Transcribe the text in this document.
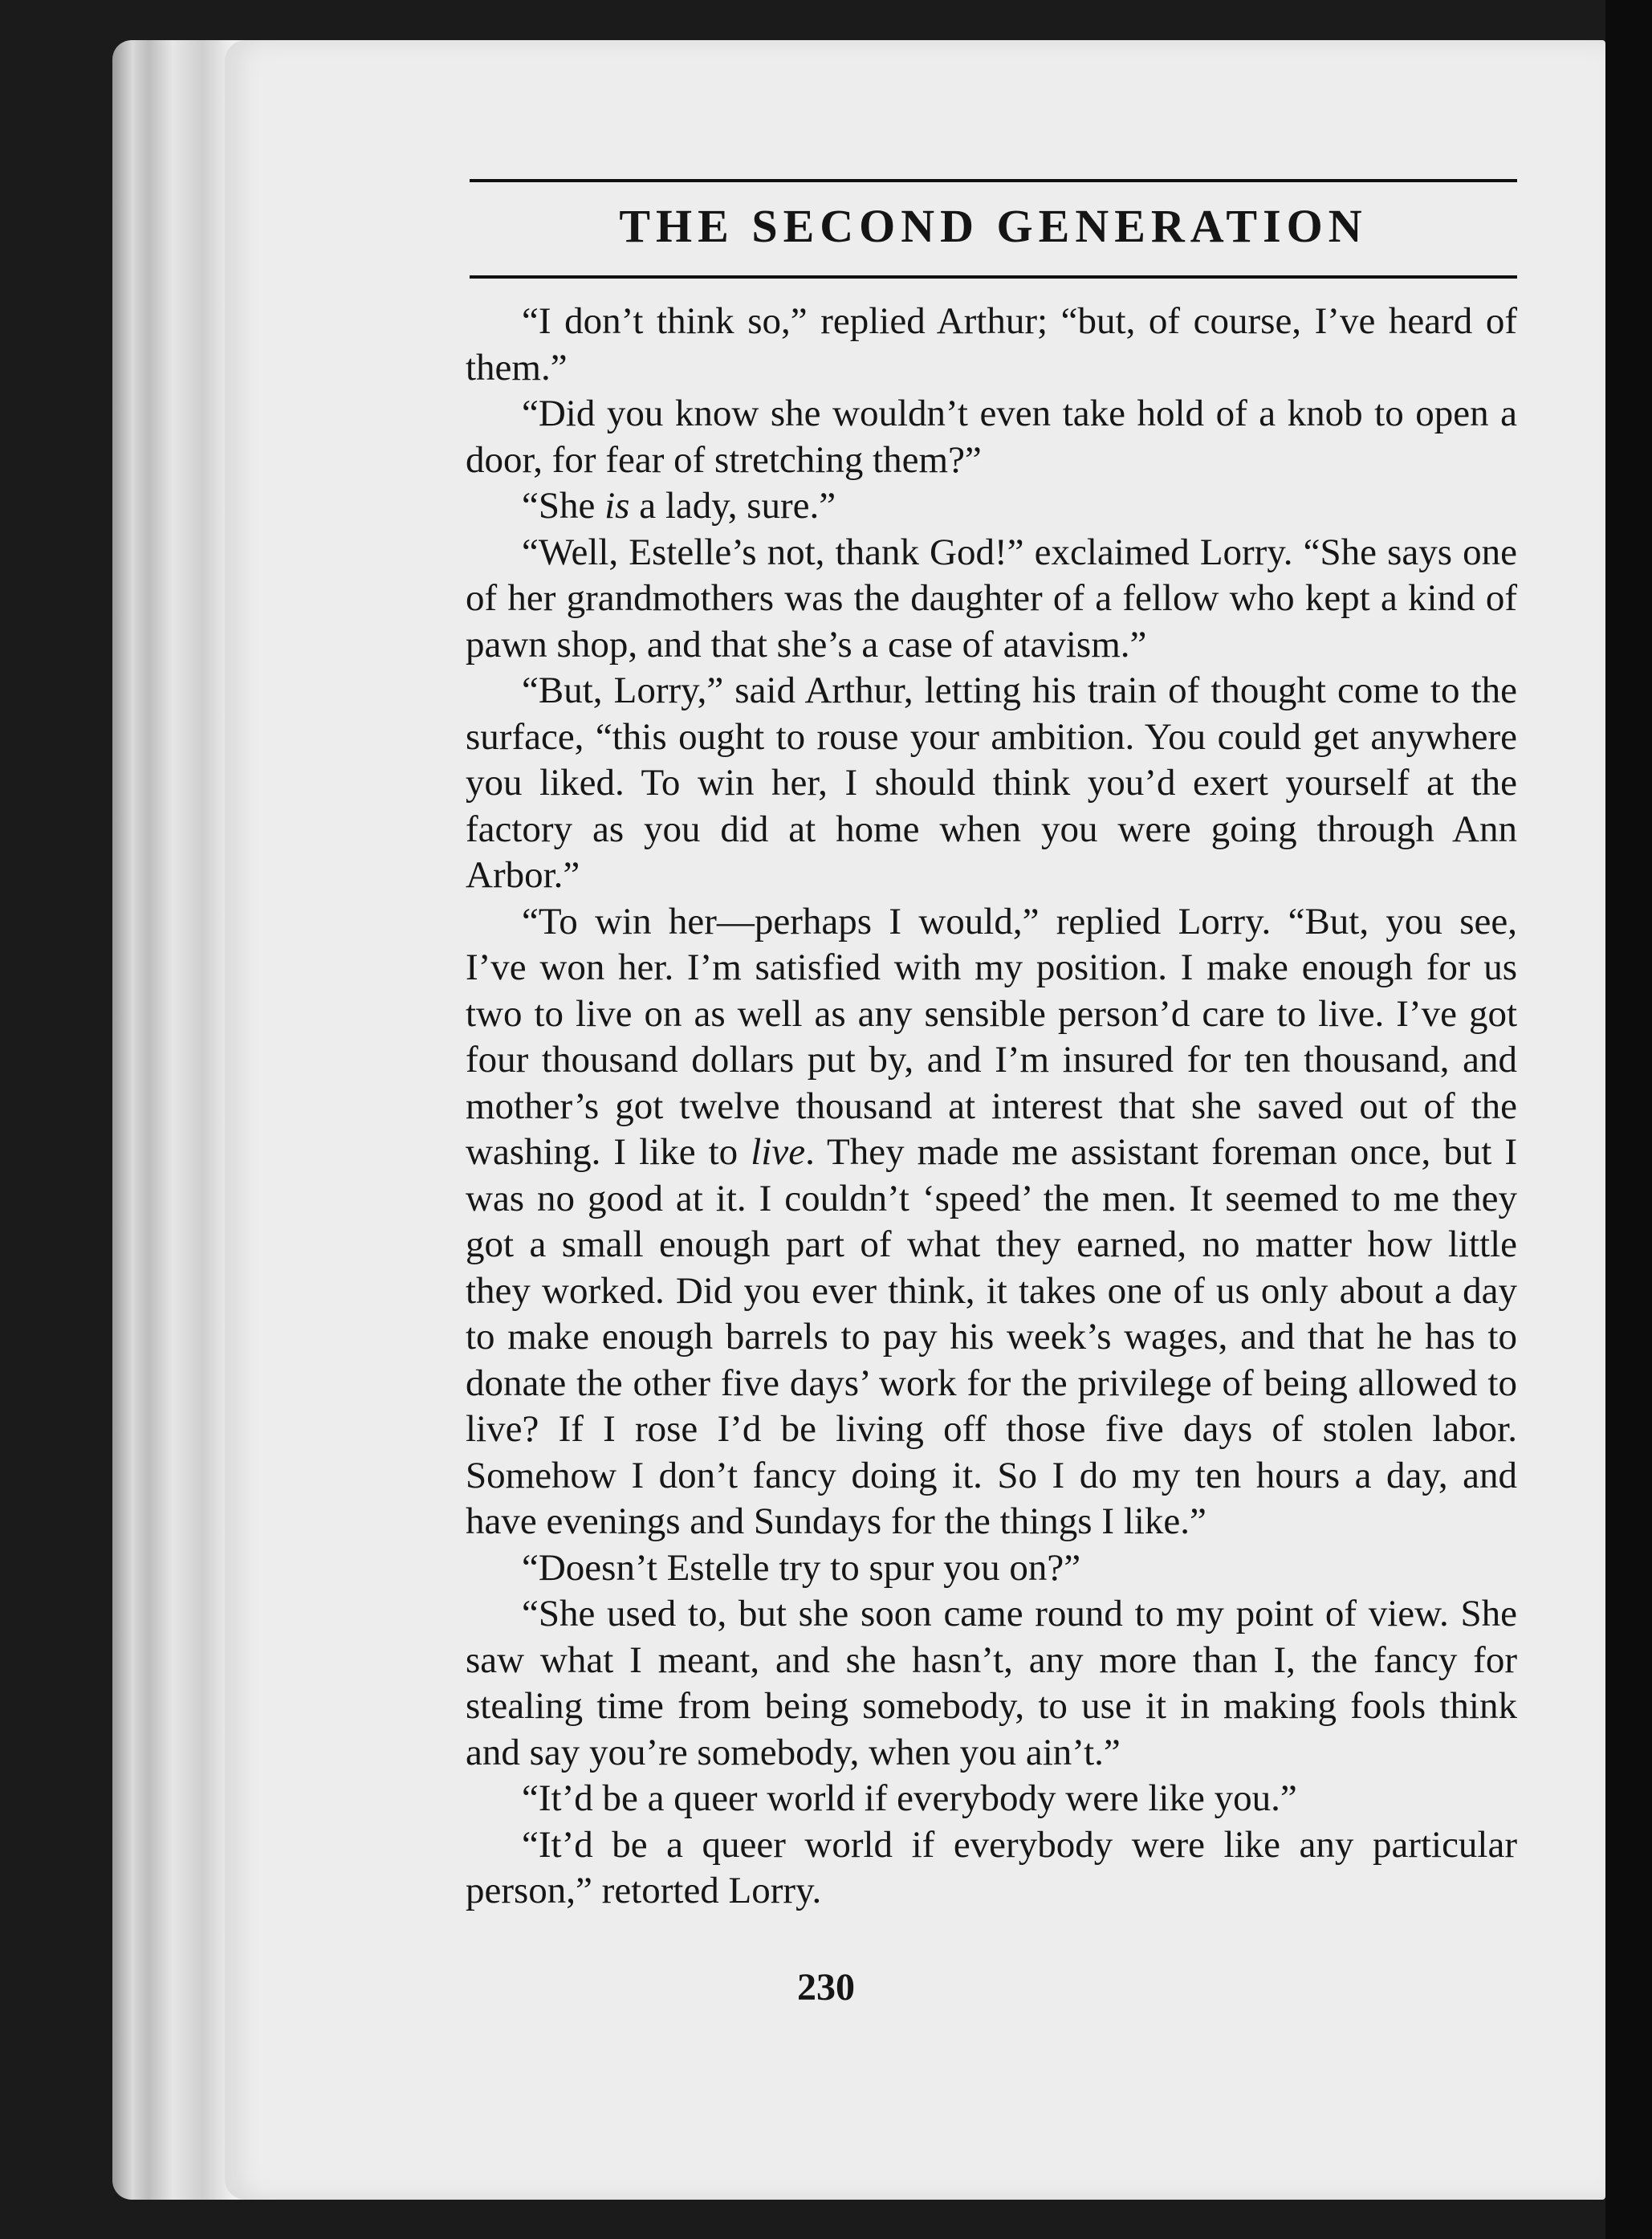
THE SECOND GENERATION

“I don’t think so,” replied Arthur; “but, of course, I’ve heard of them.”

“Did you know she wouldn’t even take hold of a knob to open a door, for fear of stretching them?”

“She is a lady, sure.”

“Well, Estelle’s not, thank God!” exclaimed Lorry. “She says one of her grandmothers was the daughter of a fellow who kept a kind of pawn shop, and that she’s a case of atavism.”

“But, Lorry,” said Arthur, letting his train of thought come to the surface, “this ought to rouse your ambition. You could get anywhere you liked. To win her, I should think you’d exert yourself at the factory as you did at home when you were going through Ann Arbor.”

“To win her—perhaps I would,” replied Lorry. “But, you see, I’ve won her. I’m satisfied with my position. I make enough for us two to live on as well as any sensible person’d care to live. I’ve got four thousand dollars put by, and I’m insured for ten thousand, and mother’s got twelve thousand at interest that she saved out of the washing. I like to live. They made me assistant foreman once, but I was no good at it. I couldn’t ‘speed’ the men. It seemed to me they got a small enough part of what they earned, no matter how little they worked. Did you ever think, it takes one of us only about a day to make enough barrels to pay his week’s wages, and that he has to donate the other five days’ work for the privilege of being allowed to live? If I rose I’d be living off those five days of stolen labor. Somehow I don’t fancy doing it. So I do my ten hours a day, and have evenings and Sundays for the things I like.”

“Doesn’t Estelle try to spur you on?”

“She used to, but she soon came round to my point of view. She saw what I meant, and she hasn’t, any more than I, the fancy for stealing time from being somebody, to use it in making fools think and say you’re somebody, when you ain’t.”

“It’d be a queer world if everybody were like you.”

“It’d be a queer world if everybody were like any particular person,” retorted Lorry.

230
